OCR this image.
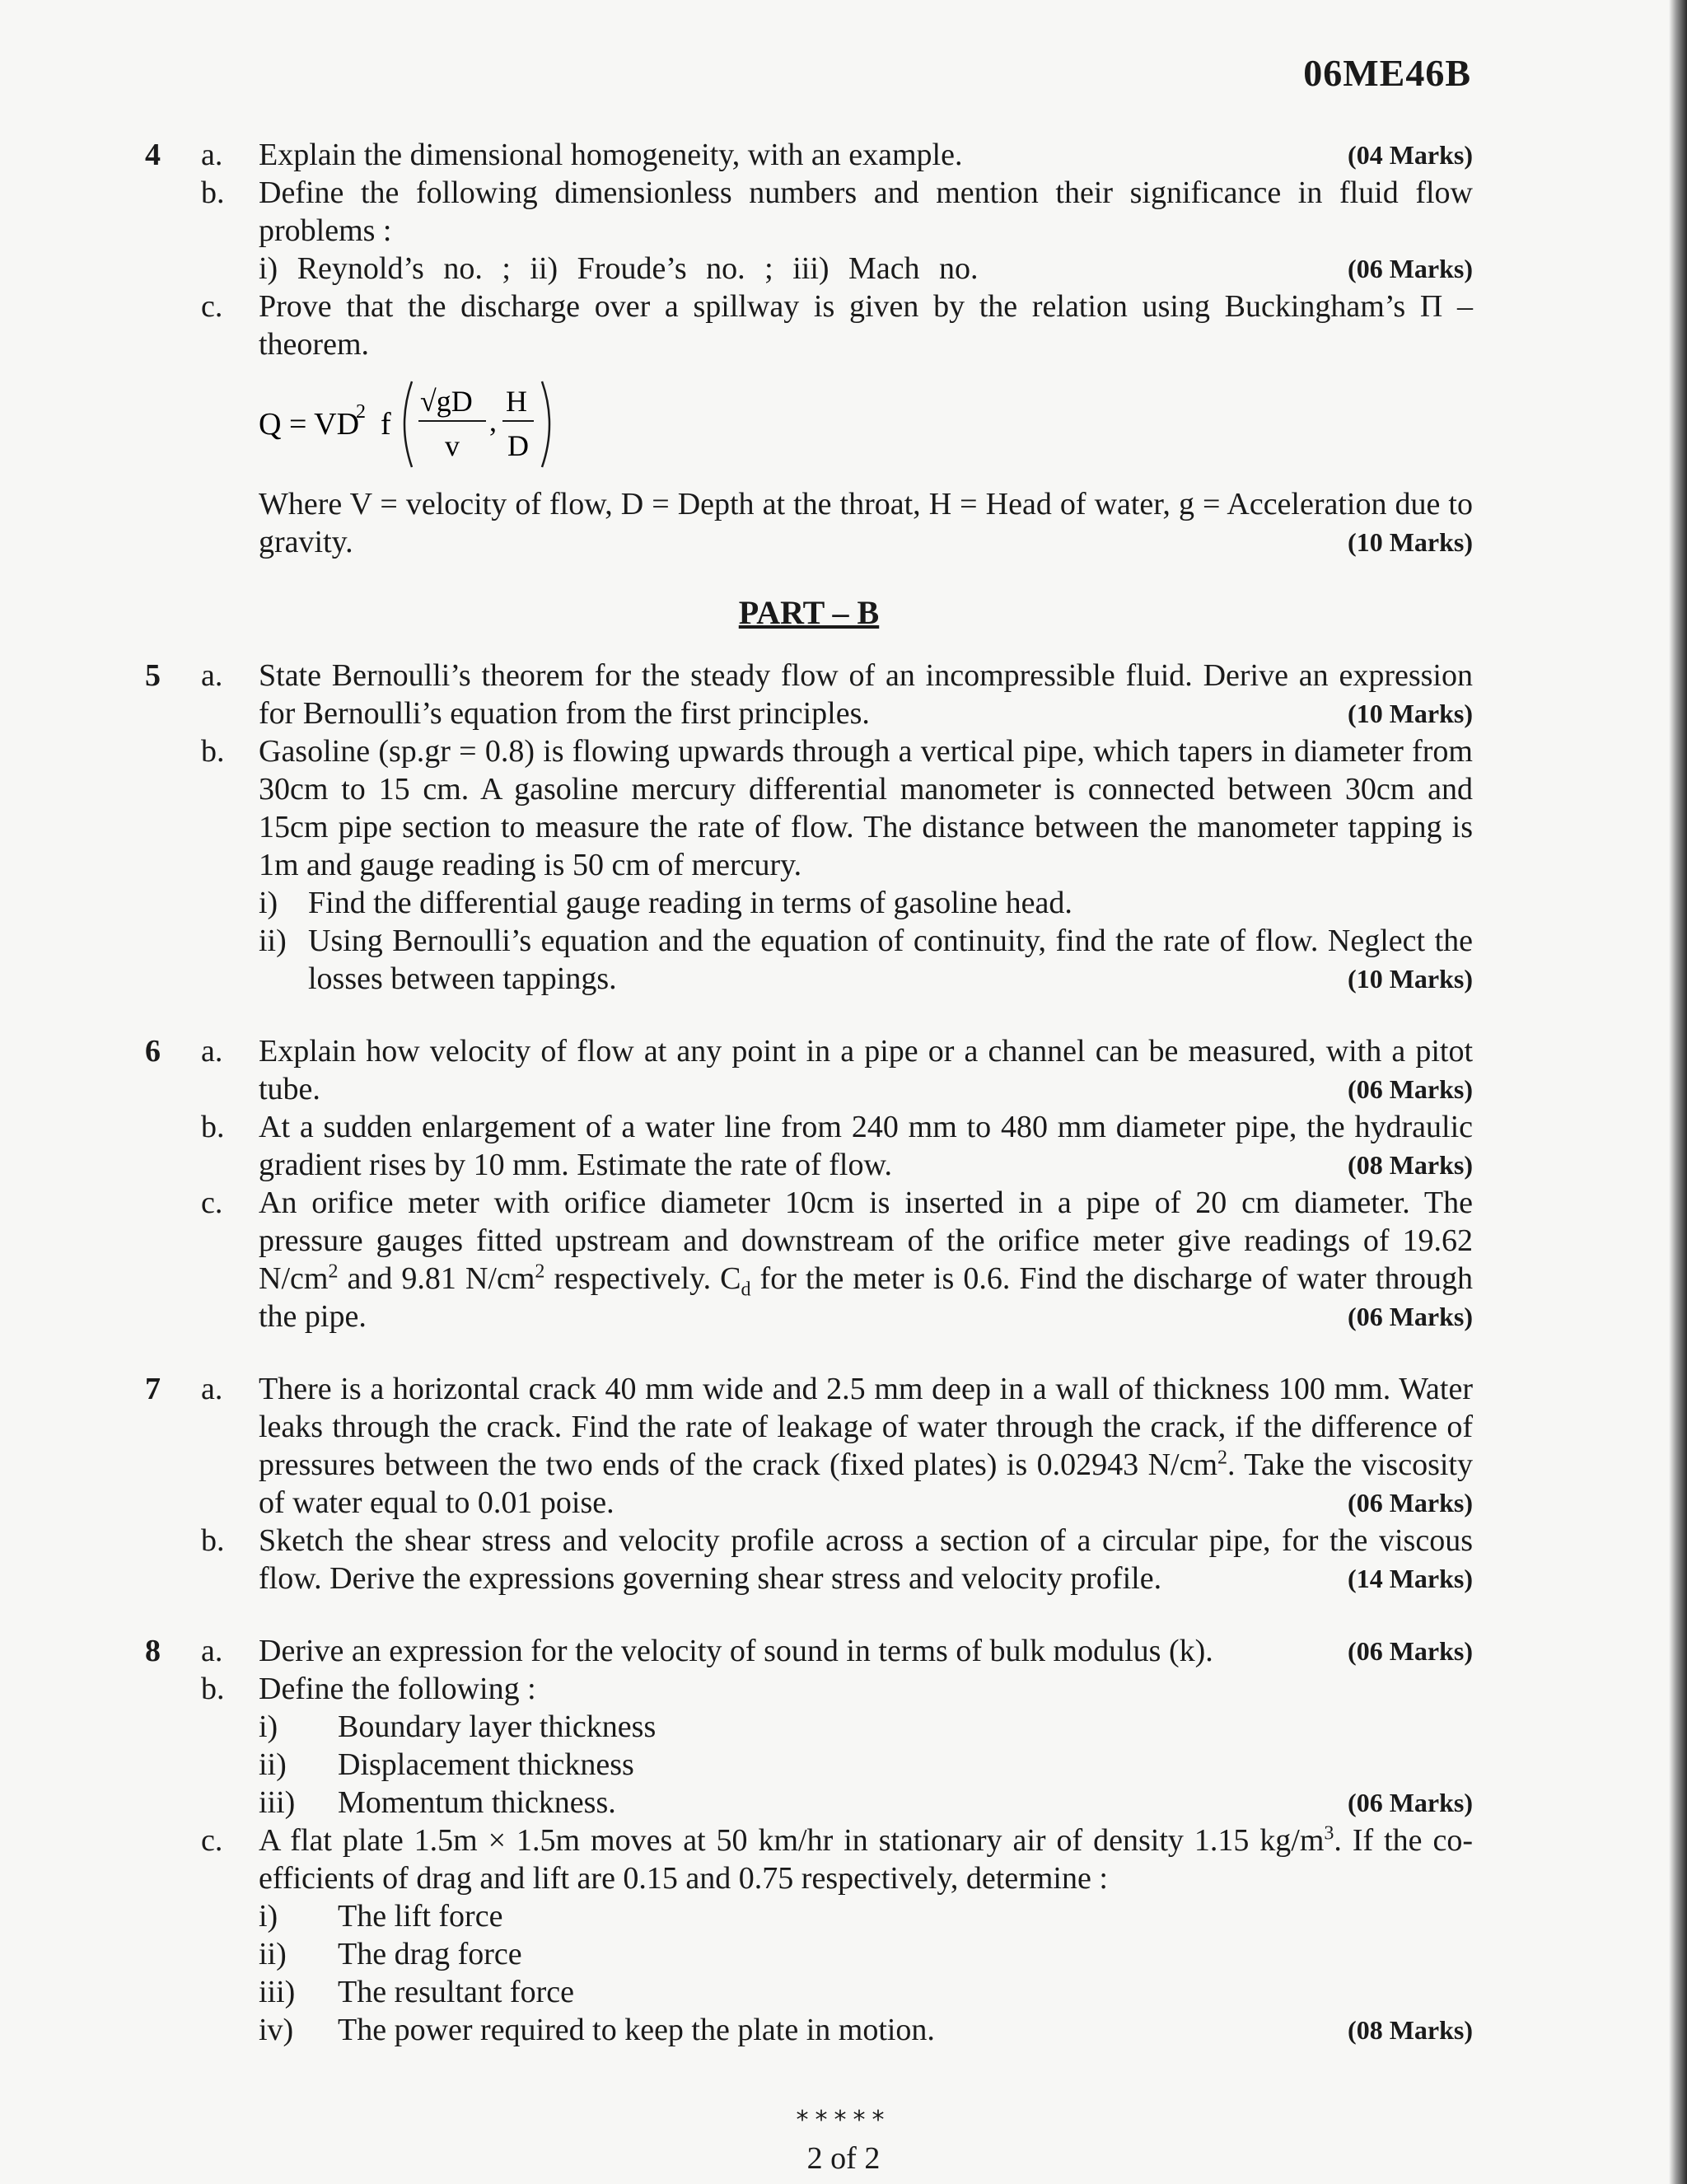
06ME46B
4	a.	(04 Marks)
Explain the dimensional homogeneity, with an example.
b. Define the following dimensionless numbers and mention their significance in fluid flow problems :
(06 Marks)
i) Reynold’s no. ; ii) Froude’s no. ; iii) Mach no.
c. Prove that the discharge over a spillway is given by the relation using Buckingham’s Π – theorem.
Q = VD
2 f
√gD
v
,
H
D
Where V = velocity of flow, D = Depth at the throat, H = Head of water, g = Acceleration due to gravity.	(10 Marks)
PART – B
5	a. State Bernoulli’s theorem for the steady flow of an incompressible fluid. Derive an expression for Bernoulli’s equation from the first principles.	(10 Marks)
b. Gasoline (sp.gr = 0.8) is flowing upwards through a vertical pipe, which tapers in diameter from 30cm to 15 cm. A gasoline mercury differential manometer is connected between 30cm and 15cm pipe section to measure the rate of flow. The distance between the manometer tapping is 1m and gauge reading is 50 cm of mercury.
i) Find the differential gauge reading in terms of gasoline head.
ii) Using Bernoulli’s equation and the equation of continuity, find the rate of flow. Neglect the losses between tappings.	(10 Marks)
6	a. Explain how velocity of flow at any point in a pipe or a channel can be measured, with a pitot tube.	(06 Marks)
b. At a sudden enlargement of a water line from 240 mm to 480 mm diameter pipe, the hydraulic gradient rises by 10 mm. Estimate the rate of flow.	(08 Marks)
c. An orifice meter with orifice diameter 10cm is inserted in a pipe of 20 cm diameter. The pressure gauges fitted upstream and downstream of the orifice meter give readings of 19.62 $N/cm^2$ and 9.81 $N/cm^2$ respectively. $C_d$ for the meter is 0.6. Find the discharge of water through the pipe.	(06 Marks)
7	a. There is a horizontal crack 40 mm wide and 2.5 mm deep in a wall of thickness 100 mm. Water leaks through the crack. Find the rate of leakage of water through the crack, if the difference of pressures between the two ends of the crack (fixed plates) is 0.02943 $N/cm^2$. Take the viscosity of water equal to 0.01 poise.	(06 Marks)
b. Sketch the shear stress and velocity profile across a section of a circular pipe, for the viscous flow. Derive the expressions governing shear stress and velocity profile.	(14 Marks)
8	a.	(06 Marks)
Derive an expression for the velocity of sound in terms of bulk modulus (k).
b. Define the following :
i) Boundary layer thickness
ii) Displacement thickness
iii) Momentum thickness.	(06 Marks)
c. A flat plate 1.5m × 1.5m moves at 50 km/hr in stationary air of density 1.15 $kg/m^3$. If the co-efficients of drag and lift are 0.15 and 0.75 respectively, determine :
i) The lift force
ii) The drag force
iii) The resultant force
iv) The power required to keep the plate in motion.	(08 Marks)
*****
2 of 2
